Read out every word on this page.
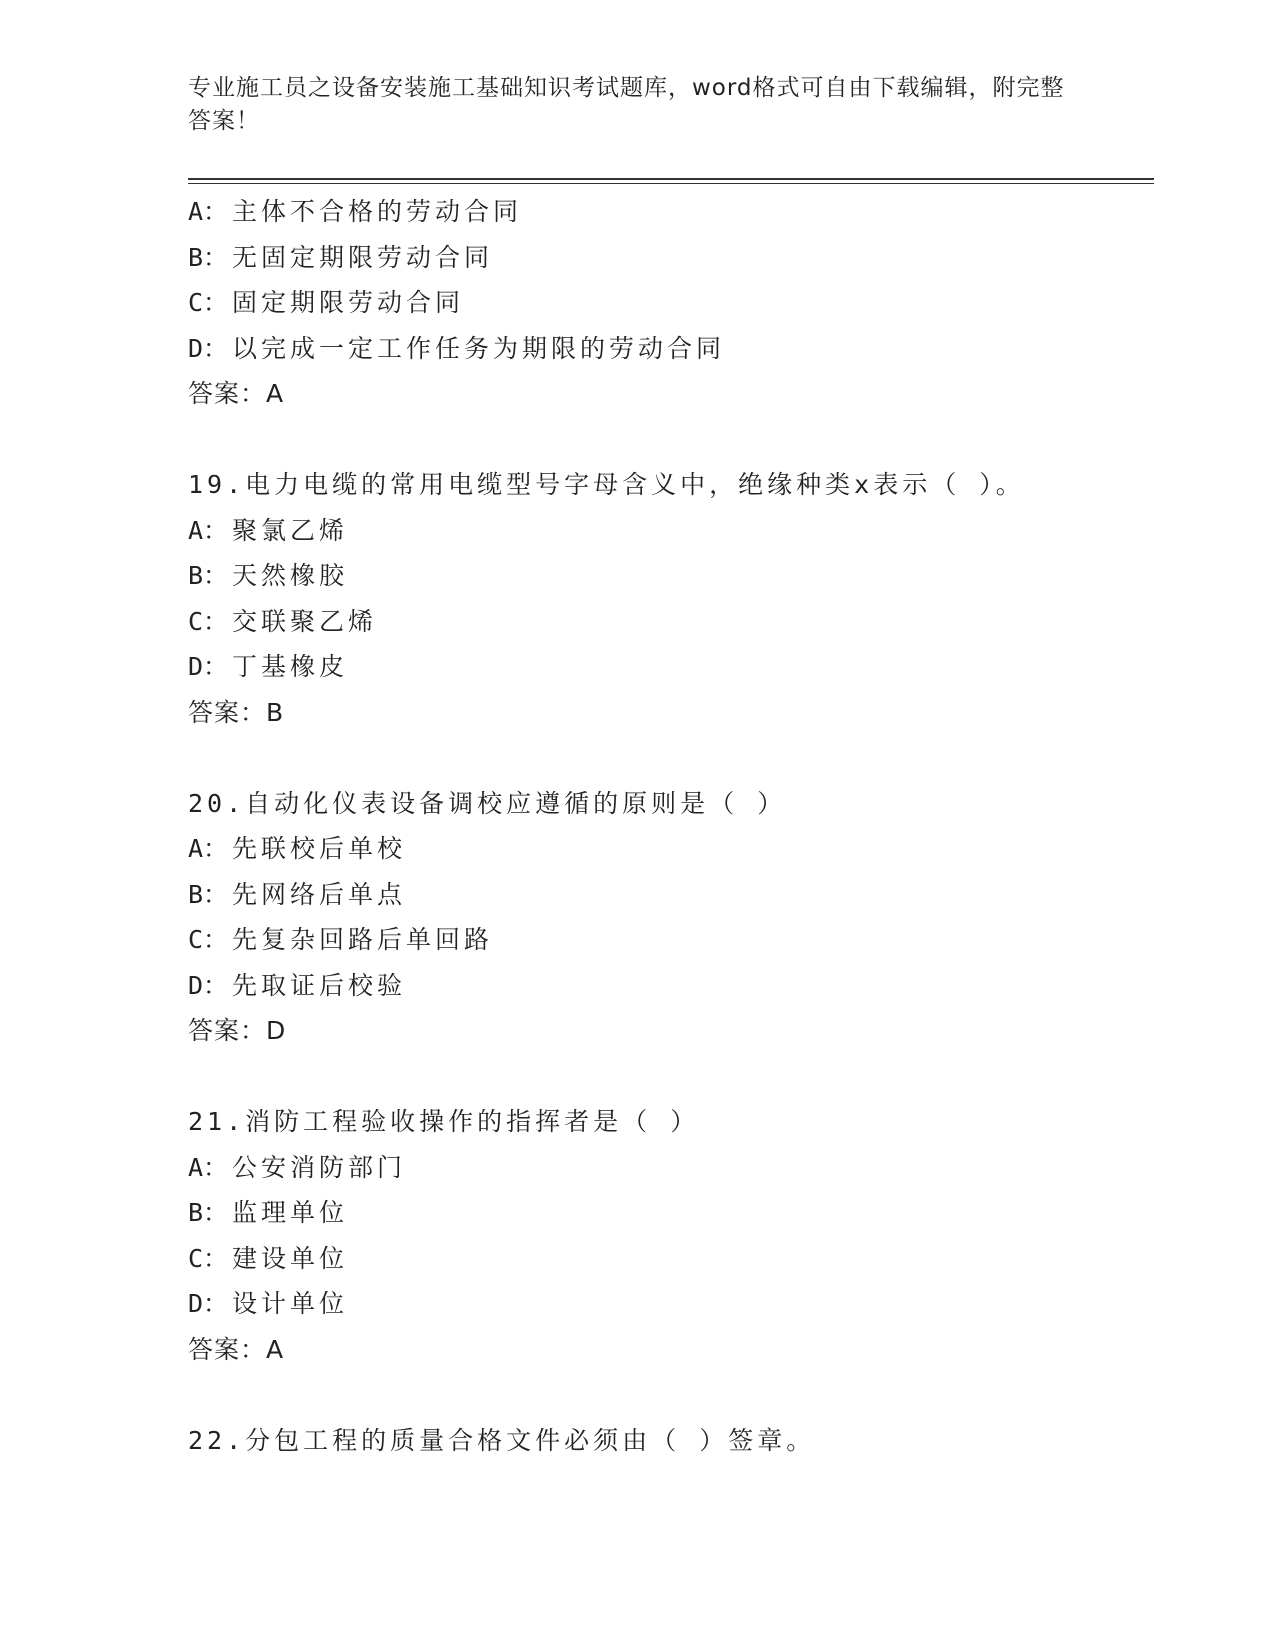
专业施工员之设备安装施工基础知识考试题库，word格式可自由下载编辑，附完整答案！
A： 主体不合格的劳动合同
B： 无固定期限劳动合同
C： 固定期限劳动合同
D： 以完成一定工作任务为期限的劳动合同
答案：A
19.电力电缆的常用电缆型号字母含义中，绝缘种类x表示（ ）。
A： 聚氯乙烯
B： 天然橡胶
C： 交联聚乙烯
D： 丁基橡皮
答案：B
20.自动化仪表设备调校应遵循的原则是（ ）
A： 先联校后单校
B： 先网络后单点
C： 先复杂回路后单回路
D： 先取证后校验
答案：D
21.消防工程验收操作的指挥者是（ ）
A： 公安消防部门
B： 监理单位
C： 建设单位
D： 设计单位
答案：A
22.分包工程的质量合格文件必须由（ ）签章。
